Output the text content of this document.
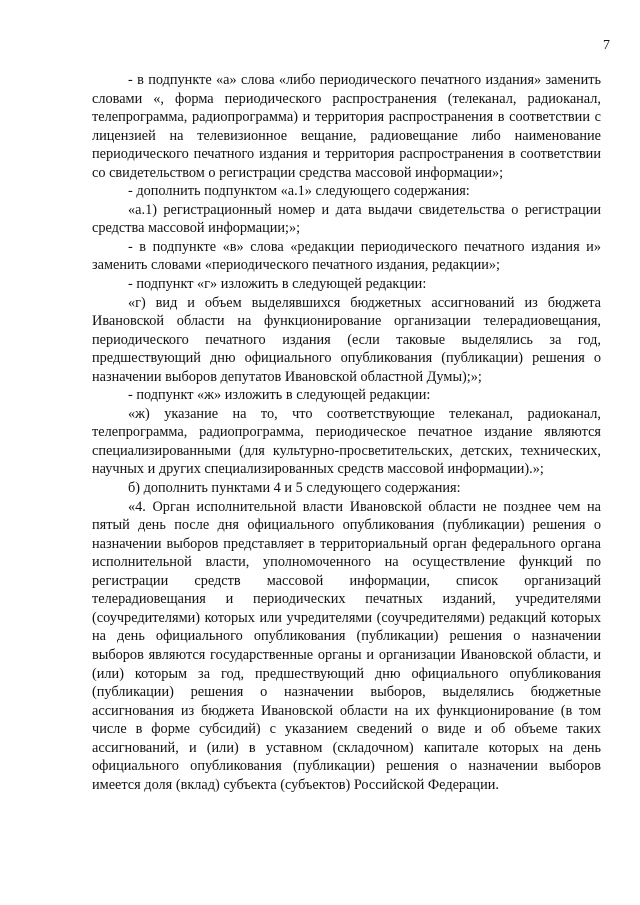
7

- в подпункте «а» слова «либо периодического печатного издания» заменить словами «, форма периодического распространения (телеканал, радиоканал, телепрограмма, радиопрограмма) и территория распространения в соответствии с лицензией на телевизионное вещание, радиовещание либо наименование периодического печатного издания и территория распространения в соответствии со свидетельством о регистрации средства массовой информации»;

- дополнить подпунктом «а.1» следующего содержания:

«а.1) регистрационный номер и дата выдачи свидетельства о регистрации средства массовой информации;»;

- в подпункте «в» слова «редакции периодического печатного издания и» заменить словами «периодического печатного издания, редакции»;

- подпункт «г» изложить в следующей редакции:

«г) вид и объем выделявшихся бюджетных ассигнований из бюджета Ивановской области на функционирование организации телерадиовещания, периодического печатного издания (если таковые выделялись за год, предшествующий дню официального опубликования (публикации) решения о назначении выборов депутатов Ивановской областной Думы);»;

- подпункт «ж» изложить в следующей редакции:

«ж) указание на то, что соответствующие телеканал, радиоканал, телепрограмма, радиопрограмма, периодическое печатное издание являются специализированными (для культурно-просветительских, детских, технических, научных и других специализированных средств массовой информации).»;

б) дополнить пунктами 4 и 5 следующего содержания:

«4. Орган исполнительной власти Ивановской области не позднее чем на пятый день после дня официального опубликования (публикации) решения о назначении выборов представляет в территориальный орган федерального органа исполнительной власти, уполномоченного на осуществление функций по регистрации средств массовой информации, список организаций телерадиовещания и периодических печатных изданий, учредителями (соучредителями) которых или учредителями (соучредителями) редакций которых на день официального опубликования (публикации) решения о назначении выборов являются государственные органы и организации Ивановской области, и (или) которым за год, предшествующий дню официального опубликования (публикации) решения о назначении выборов, выделялись бюджетные ассигнования из бюджета Ивановской области на их функционирование (в том числе в форме субсидий) с указанием сведений о виде и об объеме таких ассигнований, и (или) в уставном (складочном) капитале которых на день официального опубликования (публикации) решения о назначении выборов имеется доля (вклад) субъекта (субъектов) Российской Федерации.
